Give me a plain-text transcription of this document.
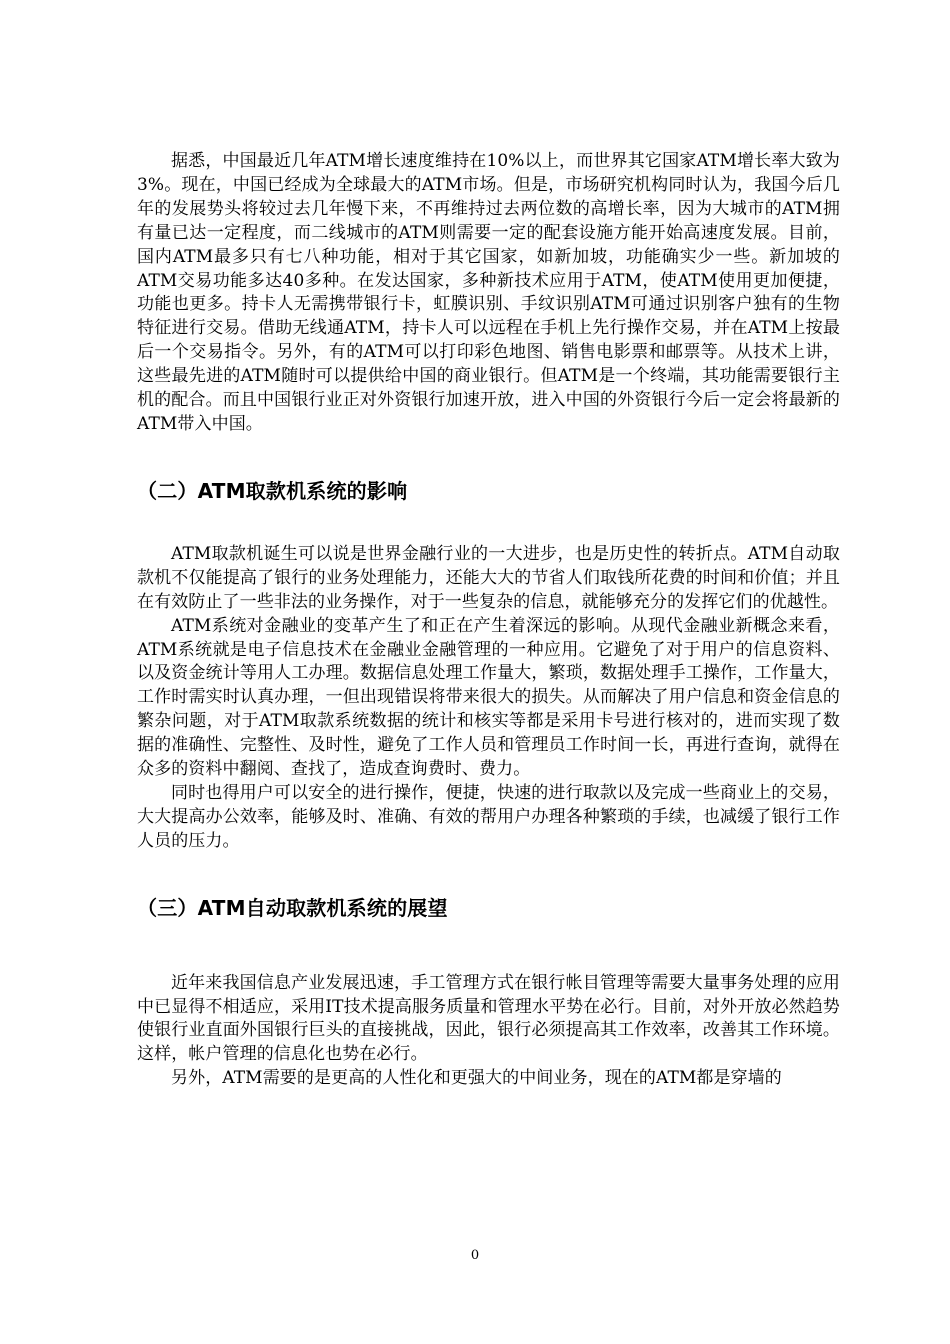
据悉，中国最近几年ATM增长速度维持在10%以上，而世界其它国家ATM增长率大致为3%。现在，中国已经成为全球最大的ATM市场。但是，市场研究机构同时认为，我国今后几年的发展势头将较过去几年慢下来，不再维持过去两位数的高增长率，因为大城市的ATM拥有量已达一定程度，而二线城市的ATM则需要一定的配套设施方能开始高速度发展。目前，国内ATM最多只有七八种功能，相对于其它国家，如新加坡，功能确实少一些。新加坡的ATM交易功能多达40多种。在发达国家，多种新技术应用于ATM，使ATM使用更加便捷，功能也更多。持卡人无需携带银行卡，虹膜识别、手纹识别ATM可通过识别客户独有的生物特征进行交易。借助无线通ATM，持卡人可以远程在手机上先行操作交易，并在ATM上按最后一个交易指令。另外，有的ATM可以打印彩色地图、销售电影票和邮票等。从技术上讲，这些最先进的ATM随时可以提供给中国的商业银行。但ATM是一个终端，其功能需要银行主机的配合。而且中国银行业正对外资银行加速开放，进入中国的外资银行今后一定会将最新的ATM带入中国。

（二）ATM取款机系统的影响

ATM取款机诞生可以说是世界金融行业的一大进步，也是历史性的转折点。ATM自动取款机不仅能提高了银行的业务处理能力，还能大大的节省人们取钱所花费的时间和价值；并且在有效防止了一些非法的业务操作，对于一些复杂的信息，就能够充分的发挥它们的优越性。

ATM系统对金融业的变革产生了和正在产生着深远的影响。从现代金融业新概念来看，ATM系统就是电子信息技术在金融业金融管理的一种应用。它避免了对于用户的信息资料、以及资金统计等用人工办理。数据信息处理工作量大，繁琐，数据处理手工操作，工作量大，工作时需实时认真办理，一但出现错误将带来很大的损失。从而解决了用户信息和资金信息的繁杂问题，对于ATM取款系统数据的统计和核实等都是采用卡号进行核对的，进而实现了数据的准确性、完整性、及时性，避免了工作人员和管理员工作时间一长，再进行查询，就得在众多的资料中翻阅、查找了，造成查询费时、费力。

同时也得用户可以安全的进行操作，便捷，快速的进行取款以及完成一些商业上的交易，大大提高办公效率，能够及时、准确、有效的帮用户办理各种繁琐的手续，也减缓了银行工作人员的压力。

（三）ATM自动取款机系统的展望

近年来我国信息产业发展迅速，手工管理方式在银行帐目管理等需要大量事务处理的应用中已显得不相适应，采用IT技术提高服务质量和管理水平势在必行。目前，对外开放必然趋势使银行业直面外国银行巨头的直接挑战，因此，银行必须提高其工作效率，改善其工作环境。这样，帐户管理的信息化也势在必行。

另外，ATM需要的是更高的人性化和更强大的中间业务，现在的ATM都是穿墙的

0
